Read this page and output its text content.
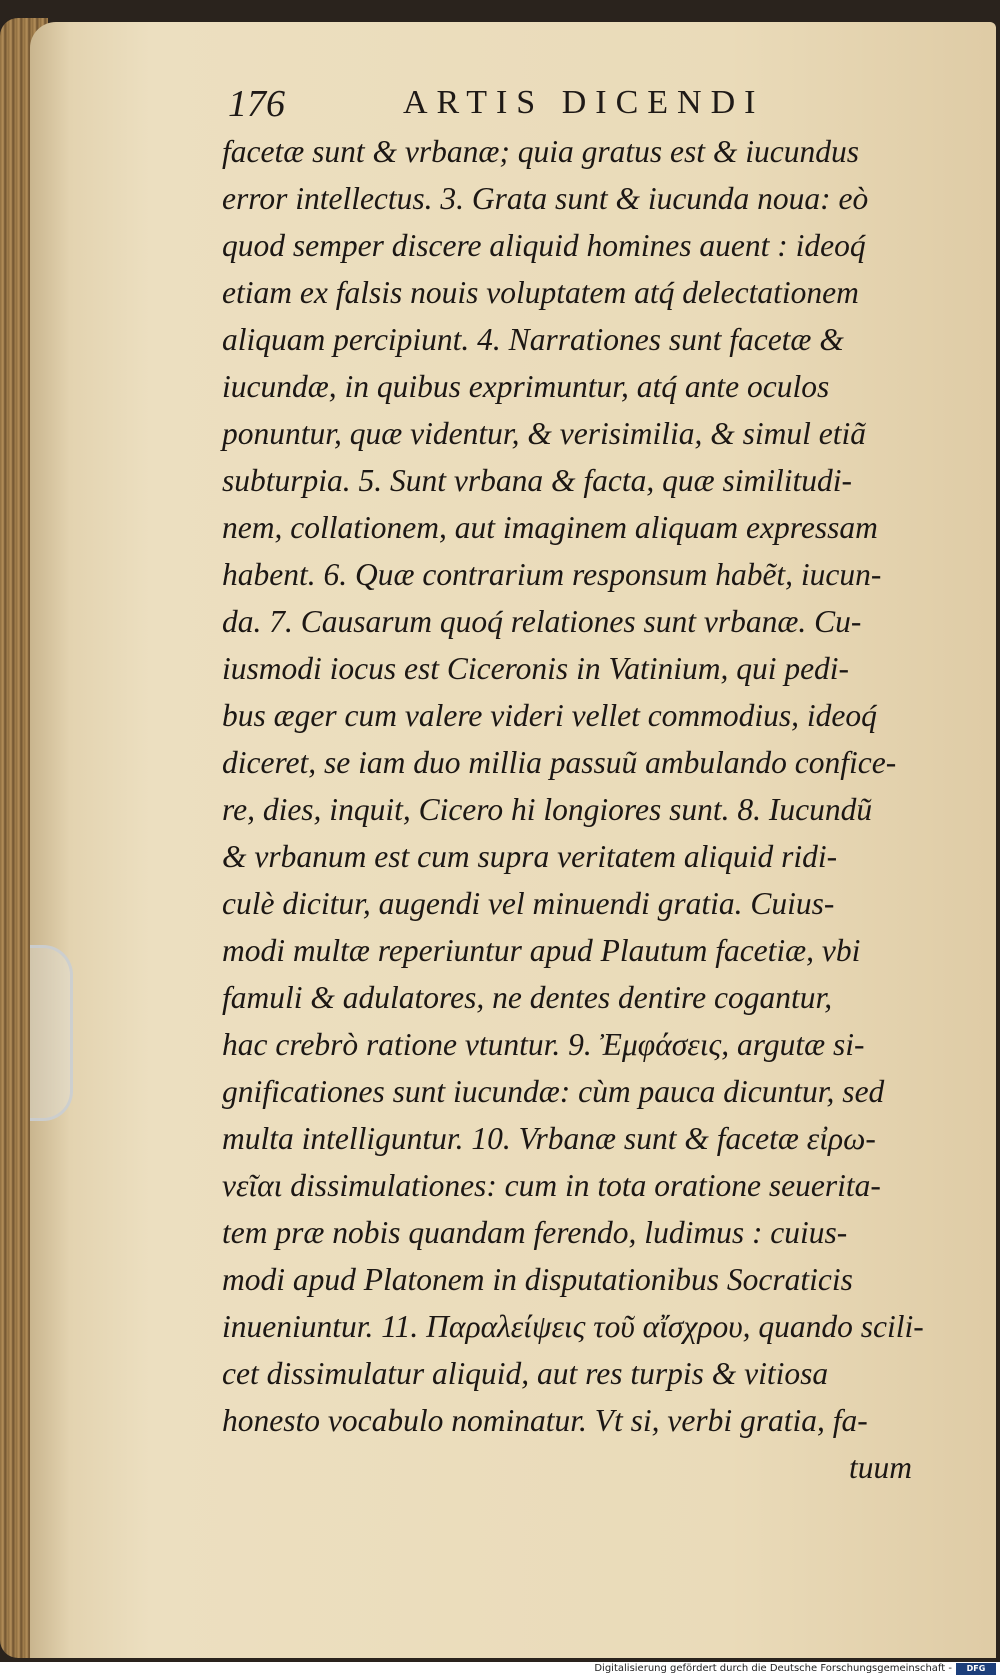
176	ARTIS DICENDI
facetæ sunt & vrbanæ; quia gratus est & iucundus
error intellectus. 3. Grata sunt & iucunda noua: eò
quod semper discere aliquid homines auent : ideoq́
etiam ex falsis nouis voluptatem atq́ delectationem
aliquam percipiunt. 4. Narrationes sunt facetæ &
iucundæ, in quibus exprimuntur, atq́ ante oculos
ponuntur, quæ videntur, & verisimilia, & simul etiã
subturpia. 5. Sunt vrbana & facta, quæ similitudi-
nem, collationem, aut imaginem aliquam expressam
habent. 6. Quæ contrarium responsum habẽt, iucun-
da. 7. Causarum quoq́ relationes sunt vrbanæ. Cu-
iusmodi iocus est Ciceronis in Vatinium, qui pedi-
bus æger cum valere videri vellet commodius, ideoq́
diceret, se iam duo millia passuũ ambulando confice-
re, dies, inquit, Cicero hi longiores sunt. 8. Iucundũ
& vrbanum est cum supra veritatem aliquid ridi-
culè dicitur, augendi vel minuendi gratia. Cuius-
modi multæ reperiuntur apud Plautum facetiæ, vbi
famuli & adulatores, ne dentes dentire cogantur,
hac crebrò ratione vtuntur. 9. Ἐμφάσεις, argutæ si-
gnificationes sunt iucundæ: cùm pauca dicuntur, sed
multa intelliguntur. 10. Vrbanæ sunt & facetæ εἰρω-
νεῖαι dissimulationes: cum in tota oratione seuerita-
tem præ nobis quandam ferendo, ludimus : cuius-
modi apud Platonem in disputationibus Socraticis
inueniuntur. 11. Παραλείψεις τοῦ αἴσχρου, quando scili-
cet dissimulatur aliquid, aut res turpis & vitiosa
honesto vocabulo nominatur. Vt si, verbi gratia, fa-
tuum
Digitalisierung gefördert durch die Deutsche Forschungsgemeinschaft -	DFG
